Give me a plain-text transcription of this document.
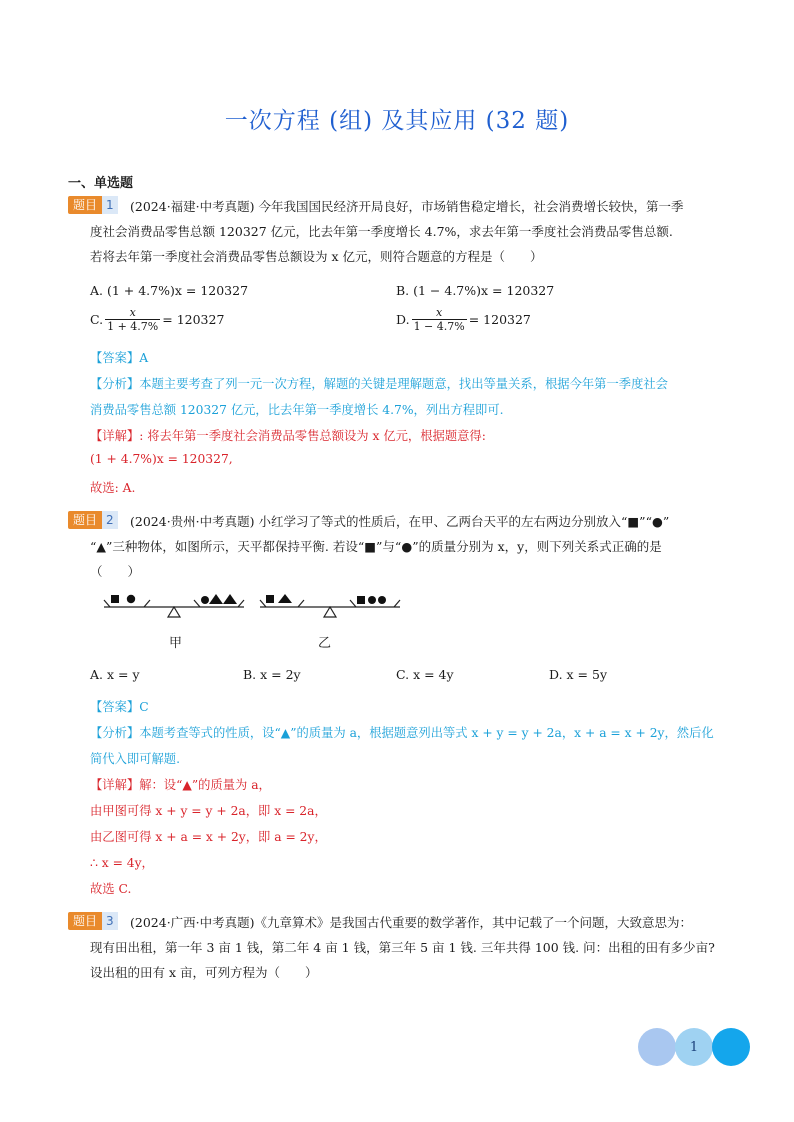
一次方程 (组) 及其应用 (32 题)
一、单选题
题目 1	(2024·福建·中考真题) 今年我国国民经济开局良好，市场销售稳定增长，社会消费增长较快，第一季
度社会消费品零售总额 120327 亿元，比去年第一季度增长 4.7%，求去年第一季度社会消费品零售总额.
若将去年第一季度社会消费品零售总额设为 x 亿元，则符合题意的方程是（　　）
A. (1 + 4.7%)x = 120327	B. (1 − 4.7%)x = 120327
C. $\frac{x}{1 + 4.7\%} = 120327$	D. $\frac{x}{1 - 4.7\%} = 120327$
【答案】A
【分析】本题主要考查了列一元一次方程，解题的关键是理解题意，找出等量关系，根据今年第一季度社会
消费品零售总额 120327 亿元，比去年第一季度增长 4.7%，列出方程即可.
【详解】: 将去年第一季度社会消费品零售总额设为 x 亿元，根据题意得:
(1 + 4.7%)x = 120327,
故选: A.
题目 2	(2024·贵州·中考真题) 小红学习了等式的性质后，在甲、乙两台天平的左右两边分别放入“■”“●”
“▲”三种物体，如图所示，天平都保持平衡. 若设“■”与“●”的质量分别为 x，y，则下列关系式正确的是
（　　）
甲	乙
A. x = y	B. x = 2y	C. x = 4y	D. x = 5y
【答案】C
【分析】本题考查等式的性质，设“▲”的质量为 a，根据题意列出等式 x + y = y + 2a，x + a = x + 2y，然后化
简代入即可解题.
【详解】解：设“▲”的质量为 a，
由甲图可得 x + y = y + 2a，即 x = 2a，
由乙图可得 x + a = x + 2y，即 a = 2y，
∴ x = 4y，
故选 C.
题目 3	(2024·广西·中考真题)《九章算术》是我国古代重要的数学著作，其中记载了一个问题，大致意思为：
现有田出租，第一年 3 亩 1 钱，第二年 4 亩 1 钱，第三年 5 亩 1 钱. 三年共得 100 钱. 问：出租的田有多少亩?
设出租的田有 x 亩，可列方程为（　　）
1
